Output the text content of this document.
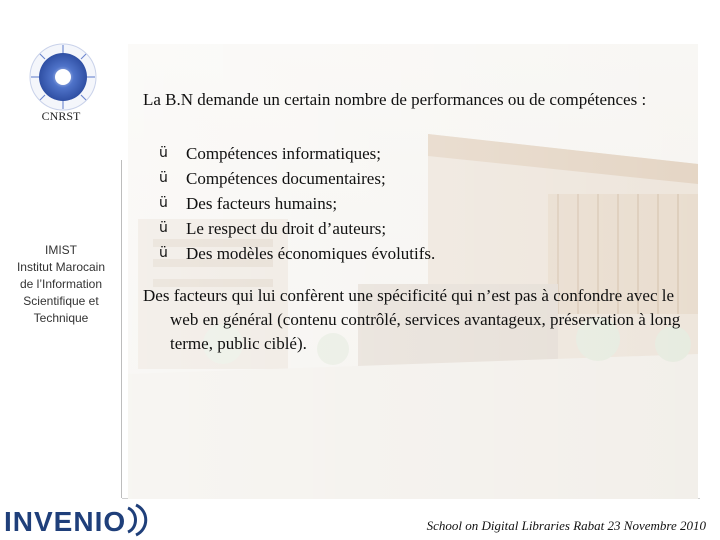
CNRST
IMIST
Institut Marocain
de l’Information
Scientifique et
Technique

La B.N demande un certain nombre de performances ou de compétences :

ü Compétences informatiques;
ü Compétences documentaires;
ü Des facteurs humains;
ü Le respect du droit d’auteurs;
ü Des modèles économiques évolutifs.

Des facteurs qui lui confèrent une spécificité qui n’est pas à confondre avec le web en général (contenu contrôlé, services avantageux, préservation à long terme, public ciblé).

INVENIO	School on Digital Libraries Rabat 23 Novembre 2010
